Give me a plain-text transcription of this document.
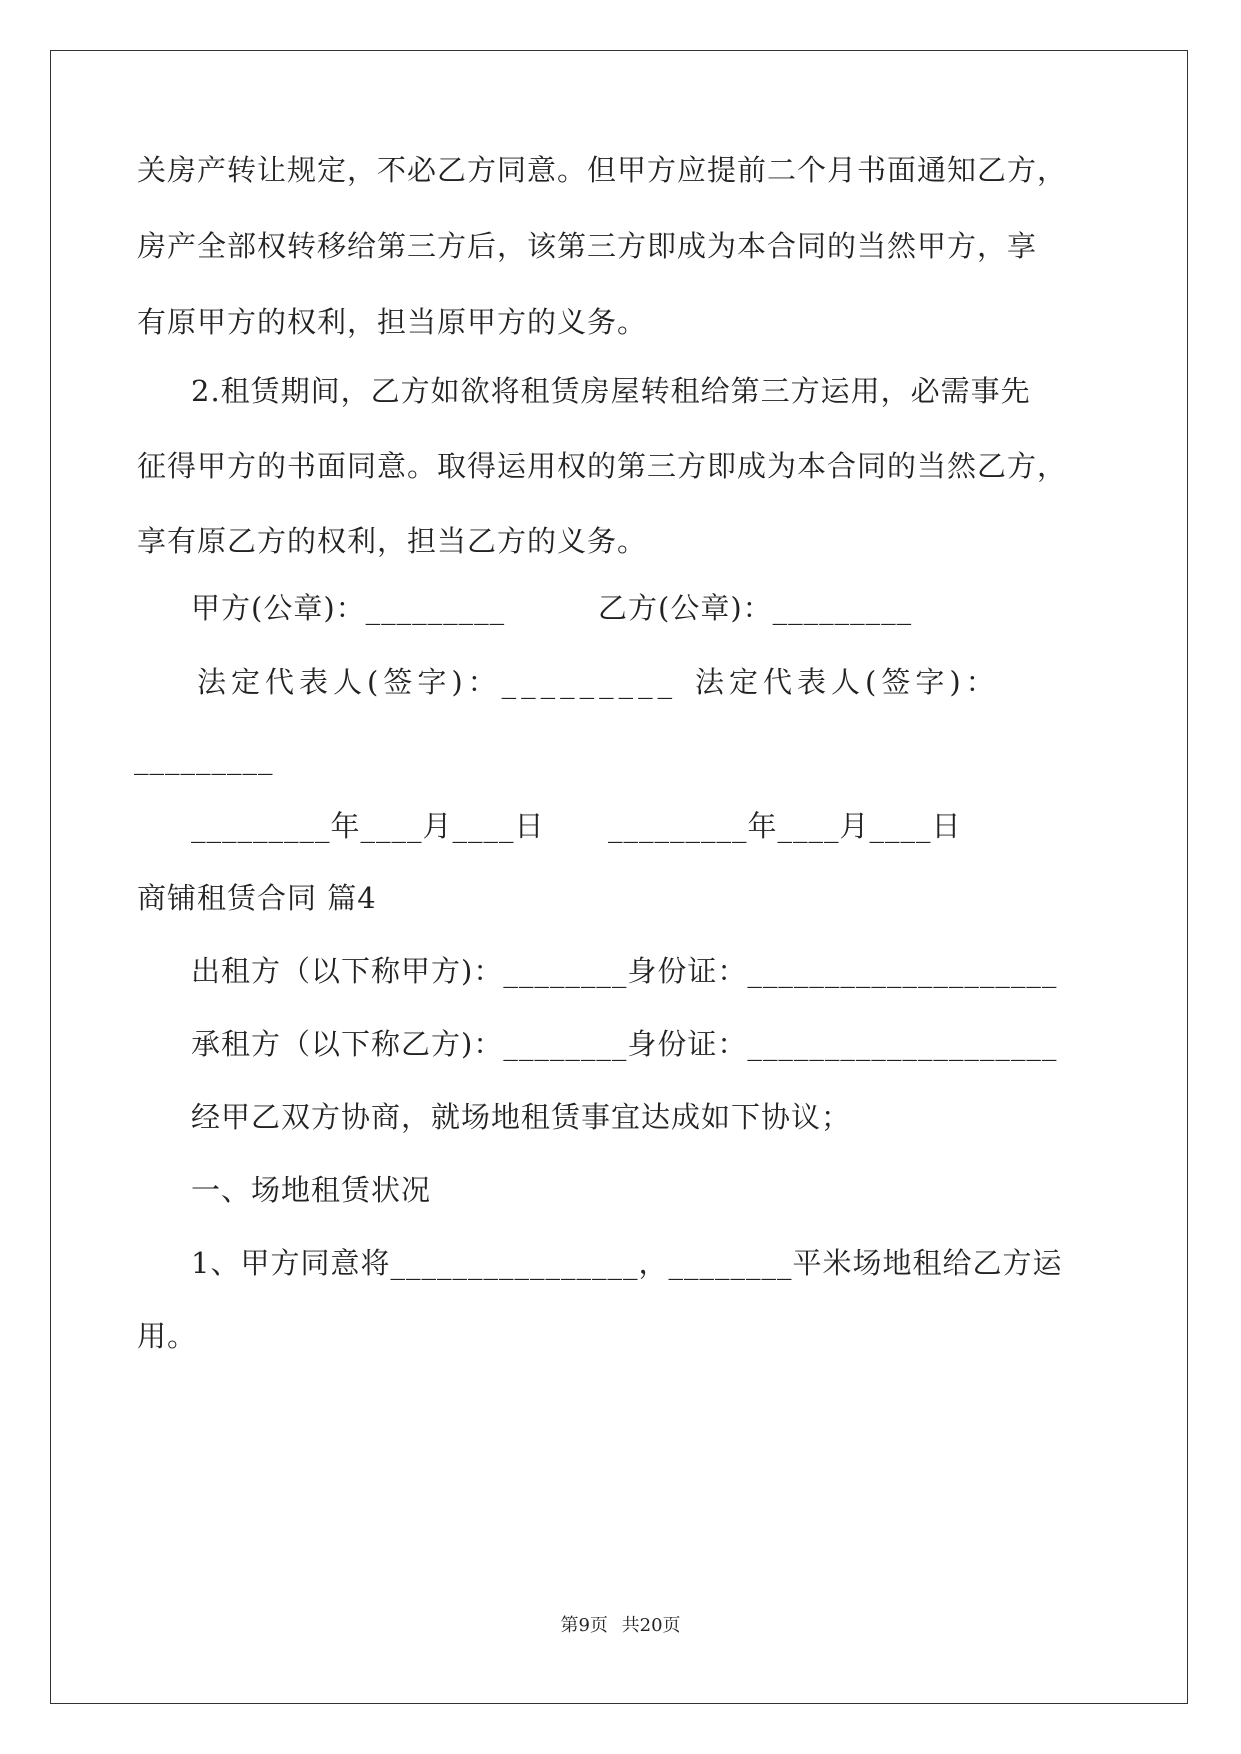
关房产转让规定，不必乙方同意。但甲方应提前二个月书面通知乙方，
房产全部权转移给第三方后，该第三方即成为本合同的当然甲方，享
有原甲方的权利，担当原甲方的义务。
2.租赁期间，乙方如欲将租赁房屋转租给第三方运用，必需事先
征得甲方的书面同意。取得运用权的第三方即成为本合同的当然乙方，
享有原乙方的权利，担当乙方的义务。
甲方(公章)：_________	乙方(公章)：_________
法定代表人(签字)：_________ 法定代表人(签字)：
_________
_________年____月____日 _________年____月____日
商铺租赁合同 篇4
出租方（以下称甲方)：________身份证：____________________
承租方（以下称乙方)：________身份证：____________________
经甲乙双方协商，就场地租赁事宜达成如下协议；
一、场地租赁状况
1、甲方同意将________________，________平米场地租给乙方运
用。
第9页 共20页
